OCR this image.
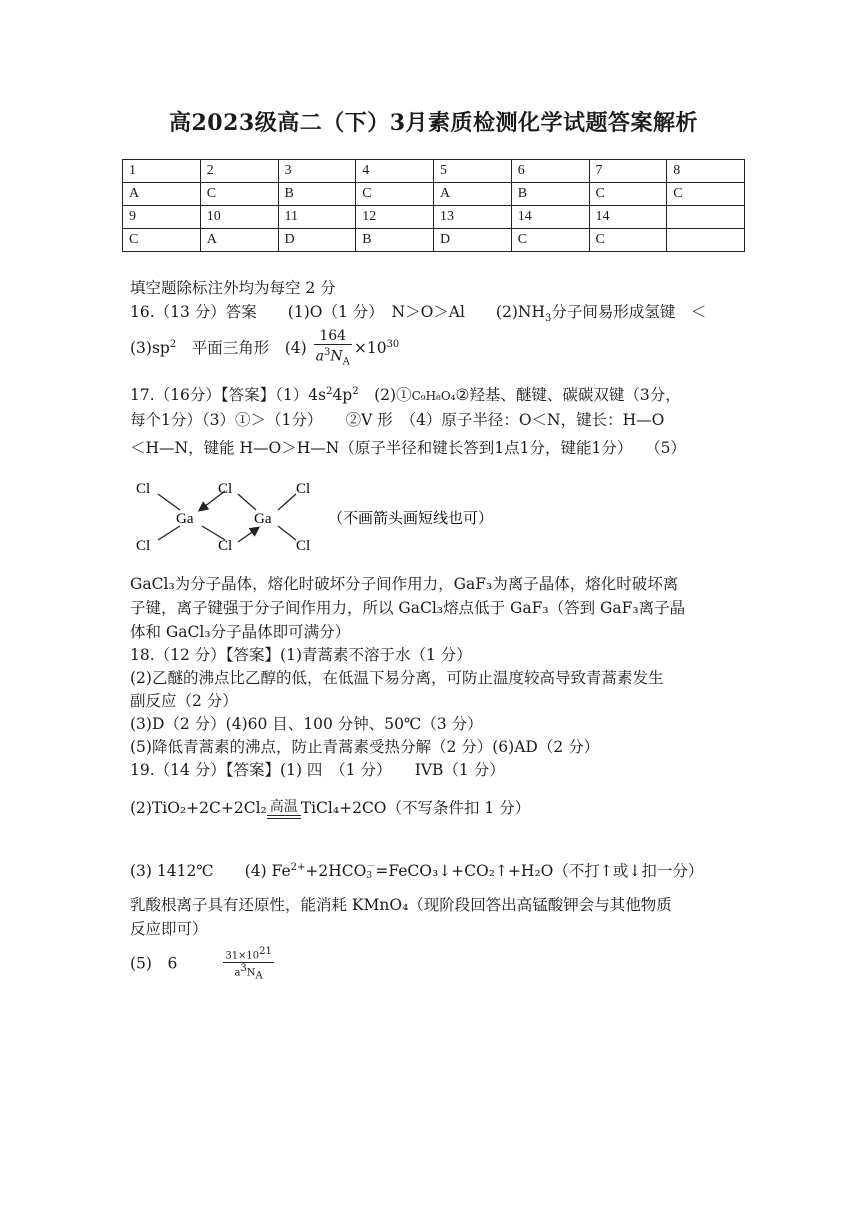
高2023级高二（下）3月素质检测化学试题答案解析
1	2	3	4	5	6	7	8
A	C	B	C	A	B	C	C
9	10	11	12	13	14	14	
C	A	D	B	D	C	C	
填空题除标注外均为每空 2 分
16.（13 分）答案　　(1)O（1 分）　N＞O＞Al　　$(2)NH_3$分子间易形成氢键　＜
$(3)sp^2$　平面三角形　$(4) \frac{164}{a^3N_A} \times 10^{30}$
17.（16分）【答案】$(1)4s^24p^2$　(2)①C₉H₈O₄②羟基、醚键、碳碳双键（3分，
每个1分）（3）①＞（1分）　　②V 形　（4）原子半径：O＜N，键长：H—O
＜H—N，键能 H—O＞H—N（原子半径和键长答到1点1分，键能1分）　 （5）
Cl	Cl	Cl
Cl	Cl	Cl
Ga	Ga	（不画箭头画短线也可）
GaCl₃为分子晶体，熔化时破坏分子间作用力，GaF₃为离子晶体，熔化时破坏离
子键，离子键强于分子间作用力，所以 GaCl₃熔点低于 GaF₃（答到 GaF₃离子晶
体和 GaCl₃分子晶体即可满分）
18.（12 分）【答案】(1)青蒿素不溶于水（1 分）
(2)乙醚的沸点比乙醇的低，在低温下易分离，可防止温度较高导致青蒿素发生
副反应（2 分）
(3)D（2 分）(4)60 目、100 分钟、50℃（3 分）
(5)降低青蒿素的沸点，防止青蒿素受热分解（2 分）(6)AD（2 分）
19.（14 分）【答案】(1) 四　（1 分）　　IVB（1 分）
(2)TiO₂+2C+2Cl₂ 高温 TiCl₄+2CO（不写条件扣 1 分）
(3) 1412℃　　(4) $Fe^{2+}+2HCO$ －
3 =FeCO₃↓+CO₂↑+H₂O（不打↑或↓扣一分）
乳酸根离子具有还原性，能消耗 KMnO₄（现阶段回答出高锰酸钾会与其他物质
反应即可）
(5)　6	$\frac{31\times 10^{21}}{a^3N_A}$
